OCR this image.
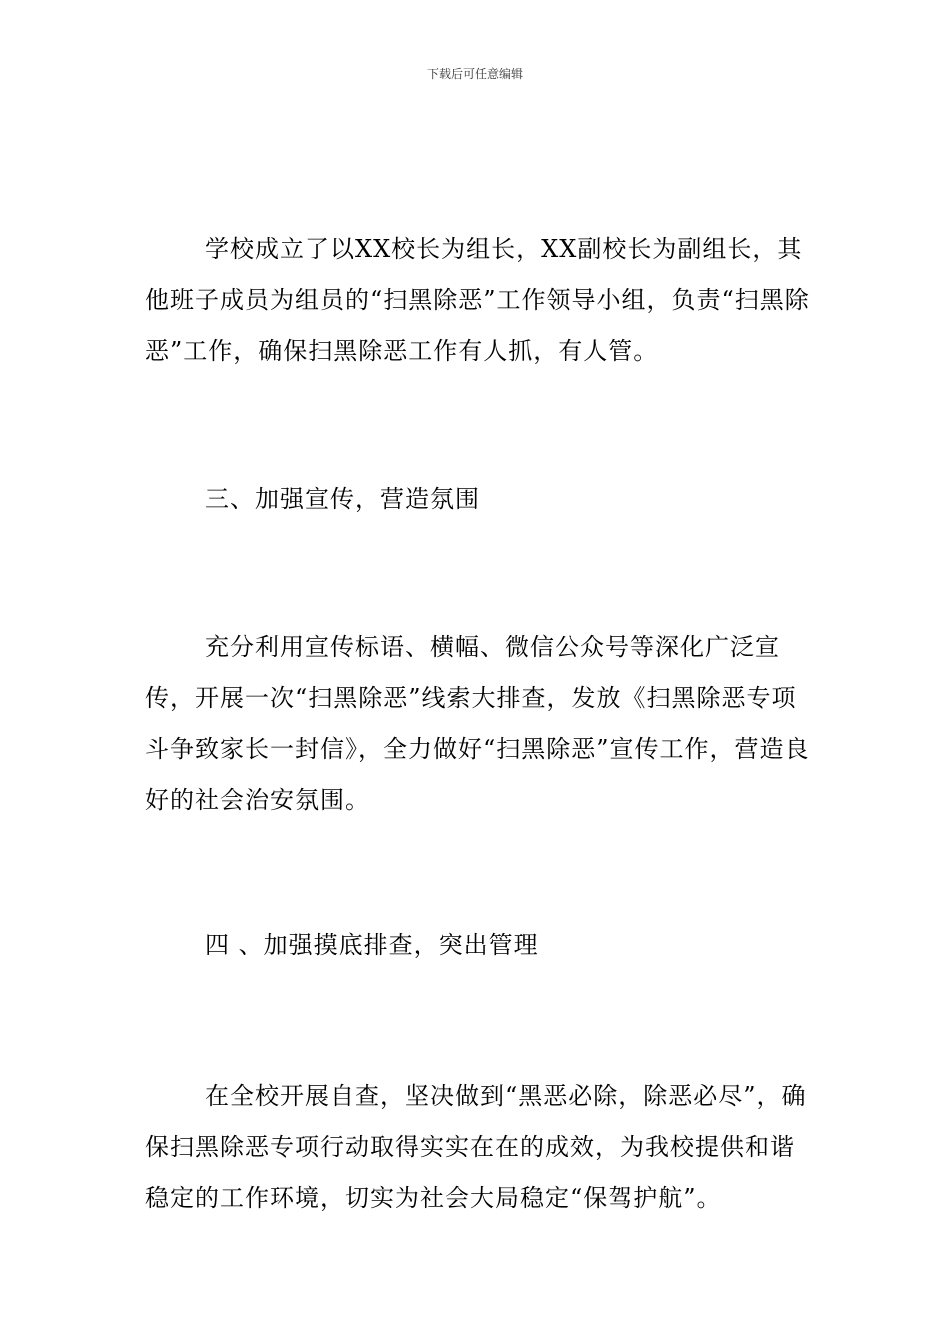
下载后可任意编辑

学校成立了以XX校长为组长，XX副校长为副组长，其他班子成员为组员的“扫黑除恶”工作领导小组，负责“扫黑除恶”工作，确保扫黑除恶工作有人抓，有人管。

三、加强宣传，营造氛围

充分利用宣传标语、横幅、微信公众号等深化广泛宣传，开展一次“扫黑除恶”线索大排查，发放《扫黑除恶专项斗争致家长一封信》，全力做好“扫黑除恶”宣传工作，营造良好的社会治安氛围。

四 、加强摸底排查，突出管理

在全校开展自查，坚决做到“黑恶必除，除恶必尽”，确保扫黑除恶专项行动取得实实在在的成效，为我校提供和谐稳定的工作环境，切实为社会大局稳定“保驾护航”。
